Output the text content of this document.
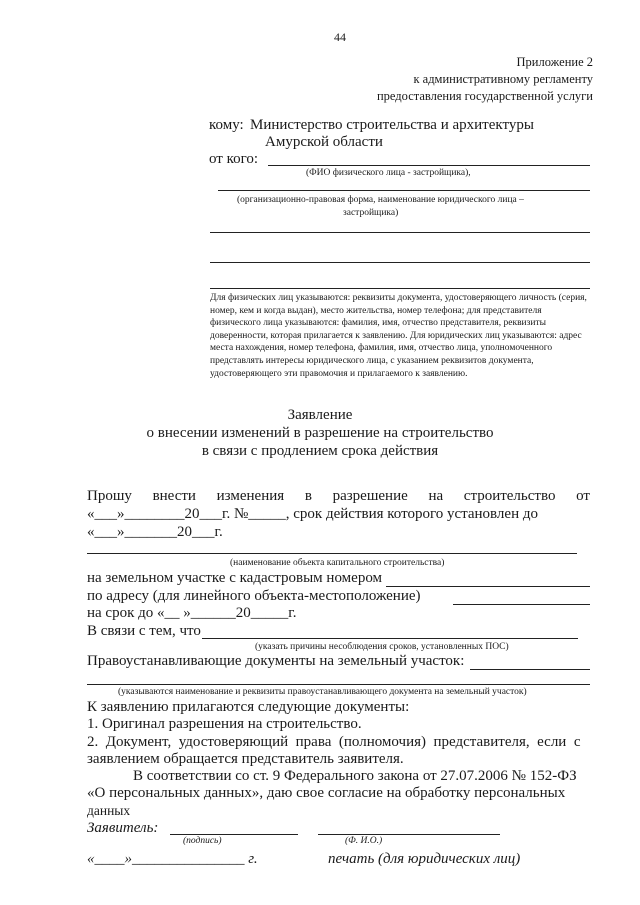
44
Приложение 2
к административному регламенту
предоставления государственной услуги
кому: Министерство строительства и архитектуры
Амурской области
от кого:
(ФИО физического лица - застройщика),
(организационно-правовая форма, наименование юридического лица –
застройщика)
Для физических лиц указываются: реквизиты документа, удостоверяющего личность (серия, номер, кем и когда выдан), место жительства, номер телефона; для представителя физического лица указываются: фамилия, имя, отчество представителя, реквизиты доверенности, которая прилагается к заявлению. Для юридических лиц указываются: адрес места нахождения, номер телефона, фамилия, имя, отчество лица, уполномоченного представлять интересы юридического лица, с указанием реквизитов документа, удостоверяющего эти правомочия и прилагаемого к заявлению.
Заявление
о внесении изменений в разрешение на строительство
в связи с продлением срока действия
Прошу внести изменения в разрешение на строительство от
«___»________20___г. №_____, срок действия которого установлен до
«___»_______20___г.
(наименование объекта капитального строительства)
на земельном участке с кадастровым номером
по адресу (для линейного объекта-местоположение)
на срок до «__ »______20_____г.
В связи с тем, что
(указать причины несоблюдения сроков, установленных ПОС)
Правоустанавливающие документы на земельный участок:
(указываются наименование и реквизиты правоустанавливающего документа на земельный участок)
К заявлению прилагаются следующие документы:
1. Оригинал разрешения на строительство.
2.  Документ,  удостоверяющий  права  (полномочия)  представителя,  если  с
заявлением обращается представитель заявителя.
В соответствии со ст. 9 Федерального закона от 27.07.2006 № 152-ФЗ
«О персональных данных», даю свое согласие на обработку персональных
данных
Заявитель:
(подпись)	(Ф. И.О.)
«____»_______________ г.	печать (для юридических лиц)
